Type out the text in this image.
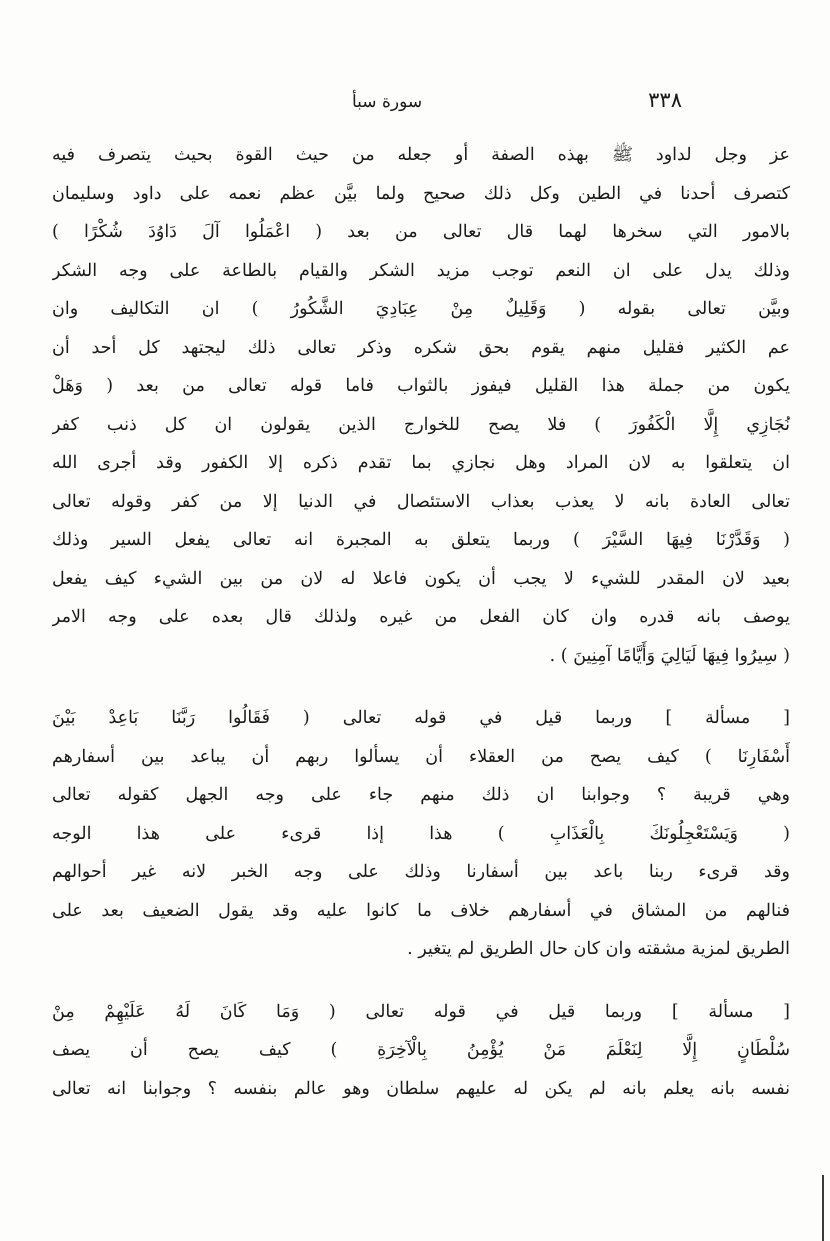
٣٣٨
سورة سبأ
عز وجل لداود ﷺ بهذه الصفة أو جعله من حيث القوة بحيث يتصرف فيه
كتصرف أحدنا في الطين وكل ذلك صحيح ولما بيَّن عظم نعمه على داود وسليمان
بالامور التي سخرها لهما قال تعالى من بعد ( اعْمَلُوا آلَ دَاوُدَ شُكْرًا )
وذلك يدل على ان النعم توجب مزيد الشكر والقيام بالطاعة على وجه الشكر
وبيَّن تعالى بقوله ( وَقَلِيلٌ مِنْ عِبَادِيَ الشَّكُورُ ) ان التكاليف وان
عم الكثير فقليل منهم يقوم بحق شكره وذكر تعالى ذلك ليجتهد كل أحد أن
يكون من جملة هذا القليل فيفوز بالثواب فاما قوله تعالى من بعد ( وَهَلْ
نُجَازِي إِلَّا الْكَفُورَ ) فلا يصح للخوارج الذين يقولون ان كل ذنب كفر
ان يتعلقوا به لان المراد وهل نجازي بما تقدم ذكره إلا الكفور وقد أجرى الله
تعالى العادة بانه لا يعذب بعذاب الاستئصال في الدنيا إلا من كفر وقوله تعالى
( وَقَدَّرْنَا فِيهَا السَّيْرَ ) وربما يتعلق به المجبرة انه تعالى يفعل السير وذلك
بعيد لان المقدر للشيء لا يجب أن يكون فاعلا له لان من بين الشيء كيف يفعل
يوصف بانه قدره وان كان الفعل من غيره ولذلك قال بعده على وجه الامر
( سِيرُوا فِيهَا لَيَالِيَ وَأَيَّامًا آمِنِينَ ) .
[ مسألة ] وربما قيل في قوله تعالى ( فَقَالُوا رَبَّنَا بَاعِدْ بَيْنَ
أَسْفَارِنَا ) كيف يصح من العقلاء أن يسألوا ربهم أن يباعد بين أسفارهم
وهي قريبة ؟ وجوابنا ان ذلك منهم جاء على وجه الجهل كقوله تعالى
( وَيَسْتَعْجِلُونَكَ بِالْعَذَابِ ) هذا إذا قرىء على هذا الوجه
وقد قرىء ربنا باعد بين أسفارنا وذلك على وجه الخبر لانه غير أحوالهم
فنالهم من المشاق في أسفارهم خلاف ما كانوا عليه وقد يقول الضعيف بعد على
الطريق لمزية مشقته وان كان حال الطريق لم يتغير .
[ مسألة ] وربما قيل في قوله تعالى ( وَمَا كَانَ لَهُ عَلَيْهِمْ مِنْ
سُلْطَانٍ إِلَّا لِنَعْلَمَ مَنْ يُؤْمِنُ بِالْآخِرَةِ ) كيف يصح أن يصف
نفسه بانه يعلم بانه لم يكن له عليهم سلطان وهو عالم بنفسه ؟ وجوابنا انه تعالى
